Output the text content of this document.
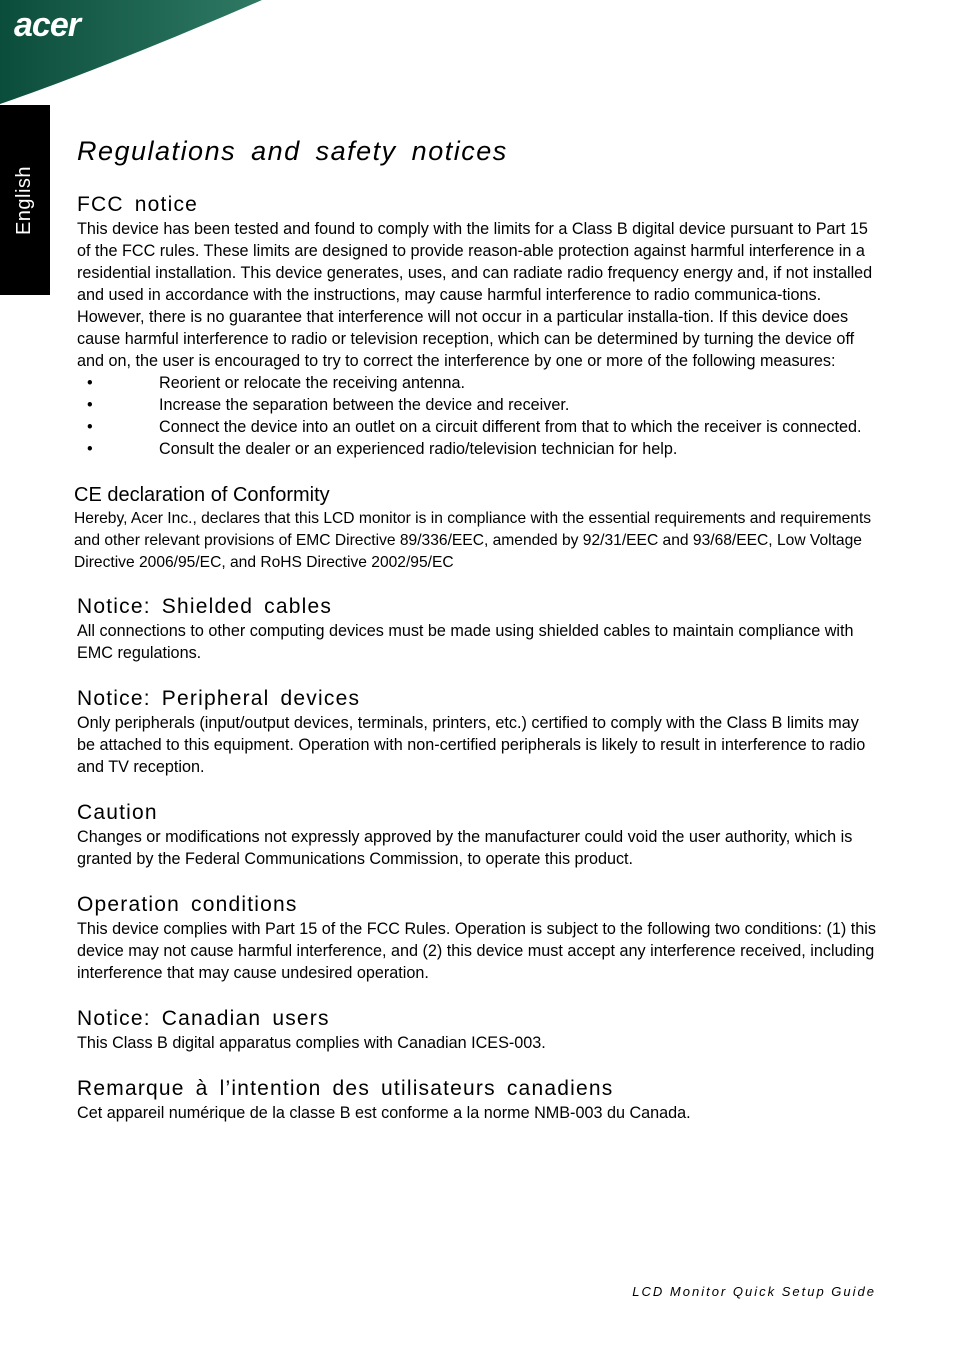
acer
English
Regulations and safety notices
FCC notice

This device has been tested and found to comply with the limits for a Class B digital device pursuant to Part 15 of the FCC rules. These limits are designed to provide reason-able protection against harmful interference in a residential installation. This device generates, uses, and can radiate radio frequency energy and, if not installed and used in accordance with the instructions, may cause harmful interference to radio communica-tions.

However, there is no guarantee that interference will not occur in a particular installa-tion. If this device does cause harmful interference to radio or television reception, which can be determined by turning the device off and on, the user is encouraged to try to correct the interference by one or more of the following measures:

•	Reorient or relocate the receiving antenna.
•	Increase the separation between the device and receiver.
•	Connect the device into an outlet on a circuit different from that to which the receiver is connected.
•	Consult the dealer or an experienced radio/television technician for help.
CE declaration of Conformity

Hereby, Acer Inc., declares that this LCD monitor is in compliance with the essential requirements and requirements and other relevant provisions of EMC Directive 89/336/EEC, amended by 92/31/EEC and 93/68/EEC, Low Voltage Directive 2006/95/EC, and RoHS Directive 2002/95/EC

Notice: Shielded cables

All connections to other computing devices must be made using shielded cables to maintain compliance with EMC regulations.

Notice: Peripheral devices

Only peripherals (input/output devices, terminals, printers, etc.) certified to comply with the Class B limits may be attached to this equipment. Operation with non-certified peripherals is likely to result in interference to radio and TV reception.

Caution

Changes or modifications not expressly approved by the manufacturer could void the user authority, which is granted by the Federal Communications Commission, to operate this product.

Operation conditions

This device complies with Part 15 of the FCC Rules. Operation is subject to the following two conditions: (1) this device may not cause harmful interference, and (2) this device must accept any interference received, including interference that may cause undesired operation.

Notice: Canadian users

This Class B digital apparatus complies with Canadian ICES-003.

Remarque à l’intention des utilisateurs canadiens

Cet appareil numérique de la classe B est conforme a la norme NMB-003 du Canada.

LCD Monitor Quick Setup Guide
